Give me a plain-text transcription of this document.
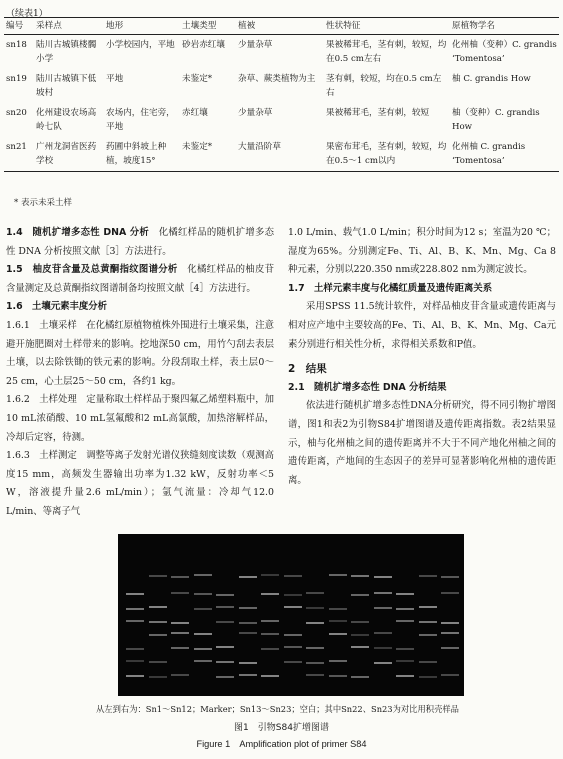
（续表1）
编号	采样点	地形	土壤类型	植被	性状特征	原植物学名
sn18	陆川古城镇楼髑小学	小学校园内，平地	砂岩赤红壤	少量杂草	果被稀茸毛，茎有刺，较短，均在0.5 cm左右	化州柚（变种）C. grandis ‘Tomentosa’
sn19	陆川古城镇下低坡村	平地	未鉴定*	杂草、蕨类植物为主	茎有刺，较短，均在0.5 cm左右	柚 C. grandis How
sn20	化州建设农场高岭七队	农场内，住宅旁，平地	赤红壤	少量杂草	果被稀茸毛，茎有刺，较短	柚（变种）C. grandis How
sn21	广州龙洞省医药学校	药圃中斜坡上种植，坡度15°	未鉴定*	大量沿阶草	果密布茸毛，茎有刺，较短，均在0.5～1 cm以内	化州柚 C. grandis ‘Tomentosa’
* 表示未采土样
1.4　随机扩增多态性 DNA 分析　化橘红样品的随机扩增多态性 DNA 分析按照文献［3］方法进行。
1.5　柚皮苷含量及总黄酮指纹图谱分析　化橘红样品的柚皮苷含量测定及总黄酮指纹图谱制备均按照文献［4］方法进行。
1.6　土壤元素丰度分析
1.6.1　土壤采样　在化橘红原植物植株外围进行土壤采集，注意避开施肥圈对土样带来的影响。挖地深50 cm，用竹勺刮去表层土壤，以去除铁锄的铁元素的影响。分段刮取土样，表土层0～25 cm，心土层25～50 cm，各约1 kg。
1.6.2　土样处理　定量称取土样样品于聚四氟乙烯塑料瓶中，加10 mL浓硝酸、10 mL氢氟酸和2 mL高氯酸，加热溶解样品，冷却后定容，待测。
1.6.3　土样测定　调整等离子发射光谱仪狭缝刻度读数（观测高度15 mm，高频发生器输出功率为1.32 kW，反射功率＜5 W，溶液提升量2.6 mL/min）；氩气流量：冷却气12.0 L/min、等离子气
1.0 L/min、载气1.0 L/min；积分时间为12 s；室温为20 ℃；湿度为65%。分别测定Fe、Ti、Al、B、K、Mn、Mg、Ca 8种元素，分别以220.350 nm或228.802 nm为测定波长。
1.7　土样元素丰度与化橘红质量及遗传距离关系
采用SPSS 11.5统计软件，对样品柚皮苷含量或遗传距离与相对应产地中主要较高的Fe、Ti、Al、B、K、Mn、Mg、Ca元素分别进行相关性分析，求得相关系数和P值。
2　结果
2.1　随机扩增多态性 DNA 分析结果
依法进行随机扩增多态性DNA分析研究，得不同引物扩增图谱，图1和表2为引物S84扩增图谱及遗传距离指数。表2结果显示，柚与化州柚之间的遗传距离并不大于不同产地化州柚之间的遗传距离，产地间的生态因子的差异可显著影响化州柚的遗传距离。
从左到右为：Sn1～Sn12；Marker；Sn13～Sn23；空白；其中Sn22、Sn23为对比用积壳样品
图1　引物S84扩增图谱
Figure 1　Amplification plot of primer S84
